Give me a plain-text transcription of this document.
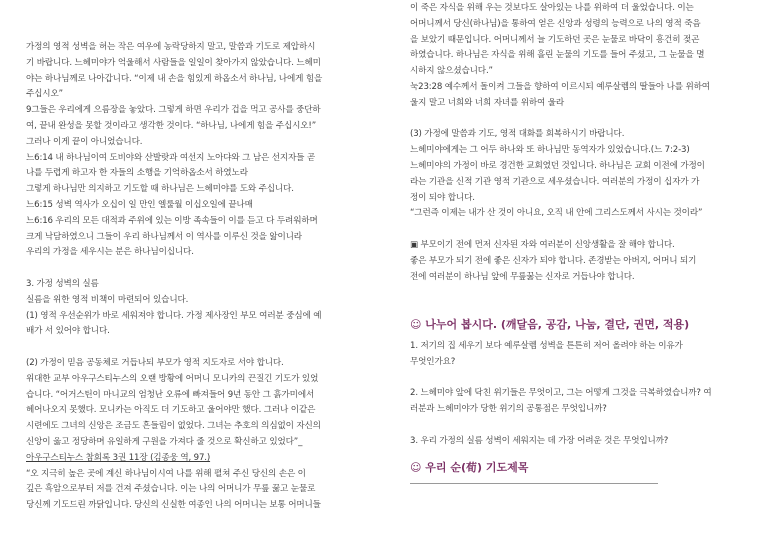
가정의 영적 성벽을 허는 작은 여우에 농락당하지 말고, 말씀과 기도로 제압하시
기 바랍니다. 느헤미야가 억울해서 사람들을 일일이 찾아가지 않았습니다. 느헤미
야는 하나님께로 나아갑니다. “이제 내 손을 힘있게 하옵소서 하나님, 나에게 힘을
주십시오”
9그들은 우리에게 으름장을 놓았다. 그렇게 하면 우리가 겁을 먹고 공사를 중단하
여, 끝내 완성을 못할 것이라고 생각한 것이다. “하나님, 나에게 힘을 주십시오!”
그러나 이게 끝이 아니었습니다.
느6:14 내 하나님이여 도비야와 산발랏과 여선지 노아댜와 그 남은 선지자들 곧
나를 두렵게 하고자 한 자들의 소행을 기억하옵소서 하였노라
그렇게 하나님만 의지하고 기도할 때 하나님은 느헤미야를 도와 주십니다.
느6:15 성벽 역사가 오십이 일 만인 엘룰월 이십오일에 끝나매
느6:16 우리의 모든 대적과 주위에 있는 이방 족속들이 이를 듣고 다 두려워하며
크게 낙담하였으니 그들이 우리 하나님께서 이 역사를 이루신 것을 앎이니라
우리의 가정을 세우시는 분은 하나님이십니다.
3. 가정 성벽의 실름
실름을 위한 영적 비책이 마련되어 있습니다.
(1) 영적 우선순위가 바로 세워져야 합니다. 가정 제사장인 부모 여러분 중심에 예
배가 서 있어야 합니다.
(2) 가정이 믿음 공동체로 거듭나되 부모가 영적 지도자로 서야 합니다.
위대한 교부 아우구스티누스의 오랜 방황에 어머니 모니카의 끈질긴 기도가 있었
습니다. “어거스틴이 마니교의 엄청난 오류에 빠져들어 9년 동안 그 흙가미에서
헤어나오지 못했다. 모니카는 아직도 더 기도하고 울어야만 했다. 그러나 이같은
시련에도 그녀의 신앙은 조금도 흔들림이 없었다. 그녀는 추호의 의심없이 자신의
신앙이 옳고 정당하며 유일하게 구원을 가져다 줄 것으로 확신하고 있었다”_
아우구스티누스 참회록 3권 11장 (김종웅 역, 97.)
“오 지극히 높은 곳에 계신 하나님이시여 나를 위해 펼쳐 주신 당신의 손은 이
깊은 흑암으로부터 저를 건져 주셨습니다. 이는 나의 어머니가 무릎 꿇고 눈물로
당신께 기도드린 까닭입니다. 당신의 신실한 여종인 나의 어머니는 보통 어머니들
이 죽은 자식을 위해 우는 것보다도 살아있는 나를 위하여 더 울었습니다. 이는
어머니께서 당신(하나님)을 통하여 얻은 신앙과 성령의 능력으로 나의 영적 죽음
을 보았기 때문입니다. 어머니께서 늘 기도하던 곳은 눈물로 바닥이 흥건히 젖곤
하였습니다. 하나님은 자식을 위해 흘린 눈물의 기도를 들어 주셨고, 그 눈물을 멸
시하지 않으셨습니다.”
눅23:28 예수께서 돌이켜 그들을 향하여 이르시되 예루살렘의 딸들아 나를 위하여
울지 말고 너희와 너희 자녀를 위하여 울라
(3) 가정에 말씀과 기도, 영적 대화를 회복하시기 바랍니다.
느헤미야에게는 그 어두 하나와 또 하나님만 동역자가 있었습니다.(느 7:2-3)
느헤미야의 가정이 바로 경건한 교회였던 것입니다. 하나님은 교회 이전에 가정이
라는 기관을 신적 기관 영적 기관으로 세우셨습니다. 여러분의 가정이 십자가 가
정이 되야 합니다.
“그런즉 이제는 내가 산 것이 아니요, 오직 내 안에 그리스도께서 사시는 것이라”
▣ 부모이기 전에 먼저 신자된 자와 여러분이 신앙생활을 잘 해야 합니다.
좋은 부모가 되기 전에 좋은 신자가 되야 합니다. 존경받는 아버지, 어머니 되기
전에 여러분이 하나님 앞에 무릎꿇는 신자로 거듭나야 합니다.
☺ 나누어 봅시다. (깨달음, 공감, 나눔, 결단, 권면, 적용)
1. 저기의 집 세우기 보다 예루살렘 성벽을 튼튼히 저어 올려야 하는 이유가
무엇인가요?
2. 느헤미야 앞에 닥친 위기들은 무엇이고, 그는 어떻게 그것을 극복하였습니까? 여
러분과 느헤미야가 당한 위기의 공통점은 무엇입니까?
3. 우리 가정의 실름 성벽이 세워지는 데 가장 어려운 것은 무엇입니까?
☺ 우리 순(荀) 기도제목
